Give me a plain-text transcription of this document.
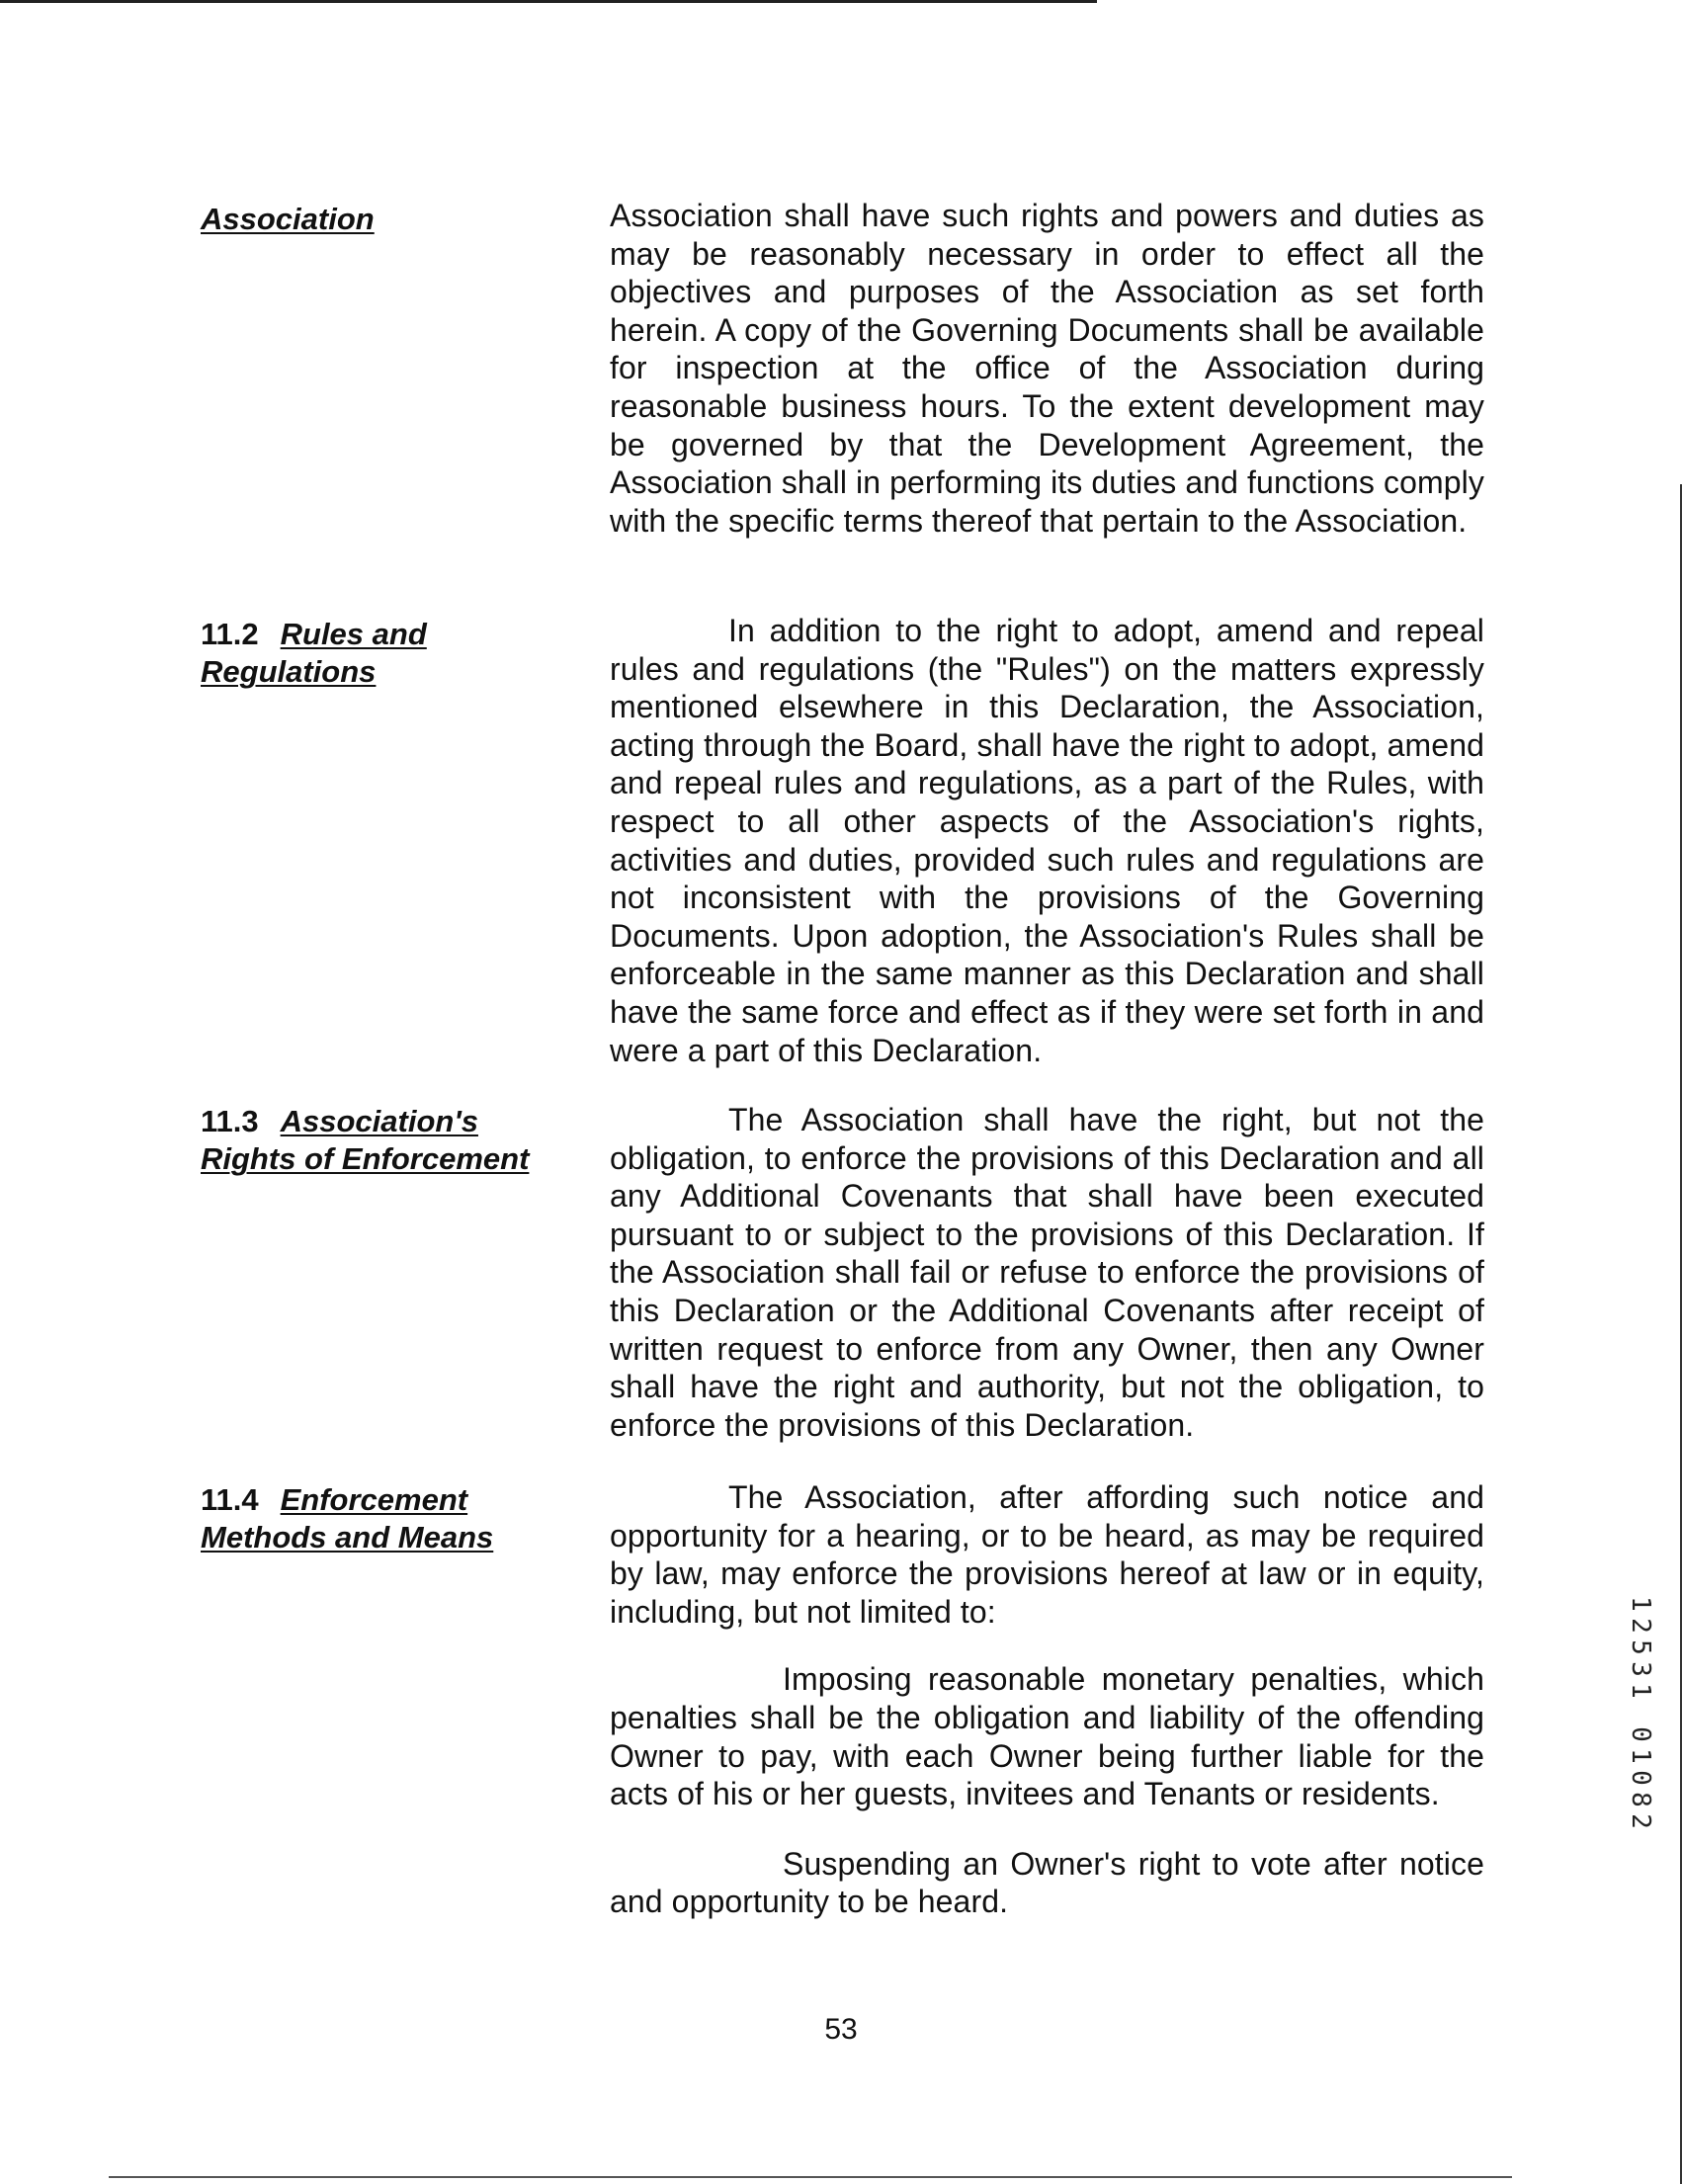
Association	Association shall have such rights and powers and duties as may be reasonably necessary in order to effect all the objectives and purposes of the Association as set forth herein. A copy of the Governing Documents shall be available for inspection at the office of the Association during reasonable business hours. To the extent development may be governed by that the Development Agreement, the Association shall in performing its duties and functions comply with the specific terms thereof that pertain to the Association.

11.2 Rules and Regulations

In addition to the right to adopt, amend and repeal rules and regulations (the "Rules") on the matters expressly mentioned elsewhere in this Declaration, the Association, acting through the Board, shall have the right to adopt, amend and repeal rules and regulations, as a part of the Rules, with respect to all other aspects of the Association's rights, activities and duties, provided such rules and regulations are not inconsistent with the provisions of the Governing Documents. Upon adoption, the Association's Rules shall be enforceable in the same manner as this Declaration and shall have the same force and effect as if they were set forth in and were a part of this Declaration.

11.3 Association's Rights of Enforcement

The Association shall have the right, but not the obligation, to enforce the provisions of this Declaration and all any Additional Covenants that shall have been executed pursuant to or subject to the provisions of this Declaration. If the Association shall fail or refuse to enforce the provisions of this Declaration or the Additional Covenants after receipt of written request to enforce from any Owner, then any Owner shall have the right and authority, but not the obligation, to enforce the provisions of this Declaration.

11.4 Enforcement Methods and Means

The Association, after affording such notice and opportunity for a hearing, or to be heard, as may be required by law, may enforce the provisions hereof at law or in equity, including, but not limited to:

Imposing reasonable monetary penalties, which penalties shall be the obligation and liability of the offending Owner to pay, with each Owner being further liable for the acts of his or her guests, invitees and Tenants or residents.

Suspending an Owner's right to vote after notice and opportunity to be heard.

53
1
2
5
3
1

0
1
0
8
2
